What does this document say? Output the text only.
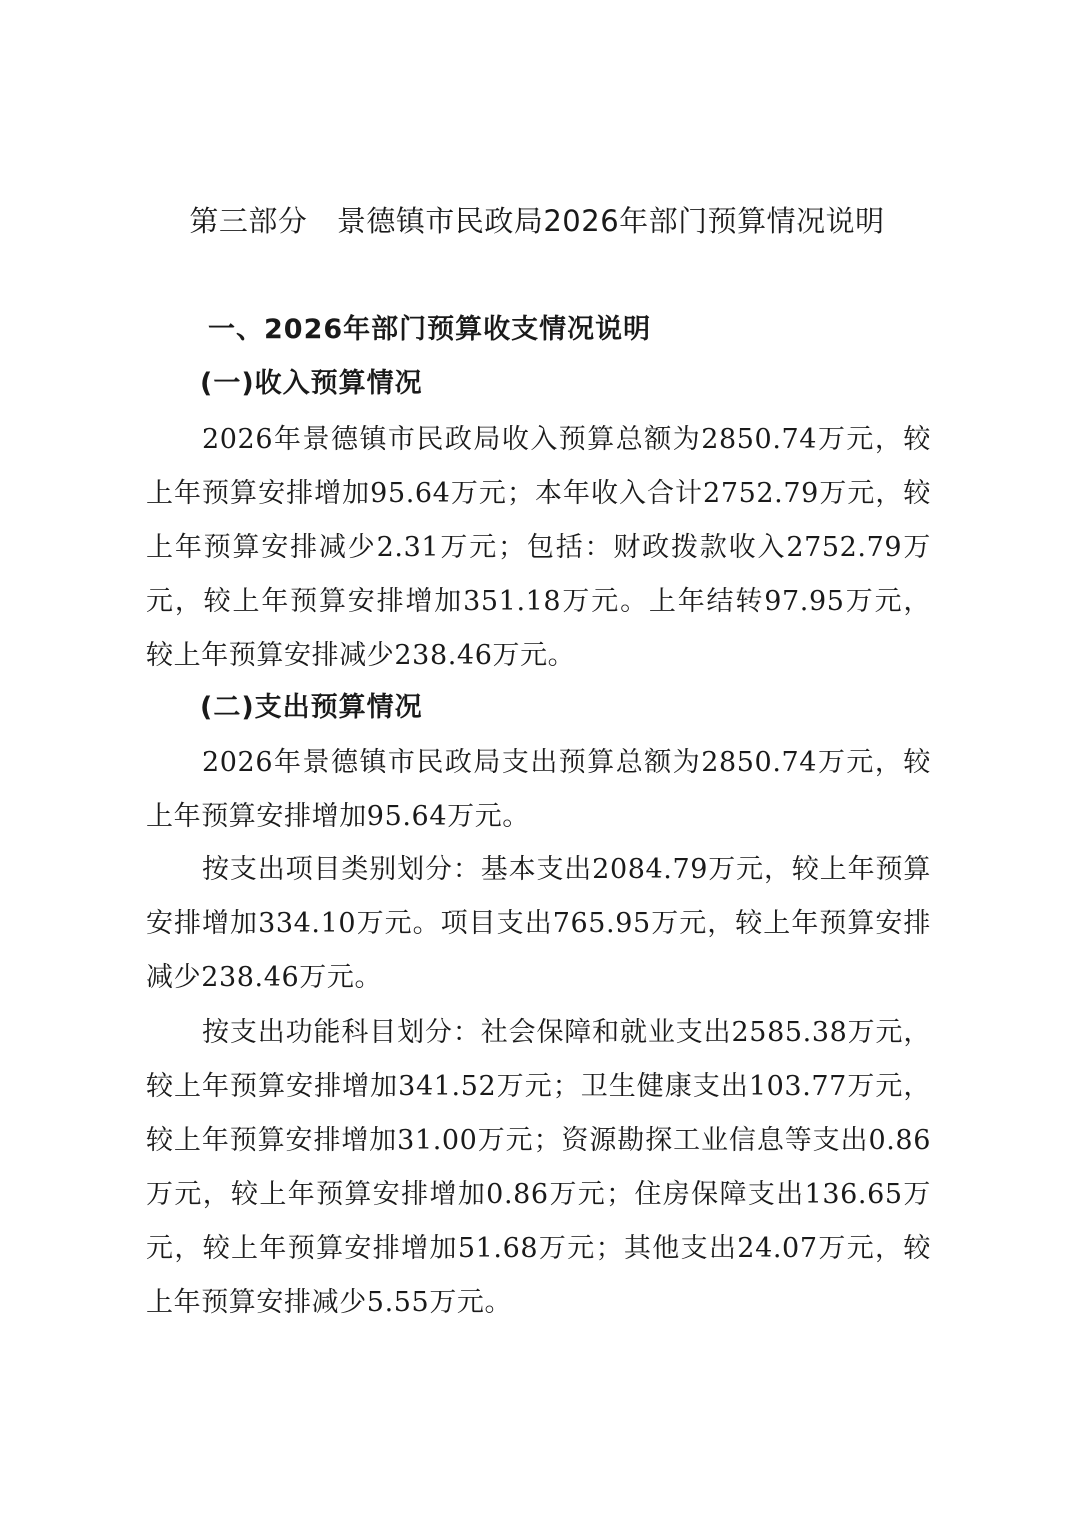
第三部分　景德镇市民政局2026年部门预算情况说明
一、2026年部门预算收支情况说明
(一)收入预算情况

2026年景德镇市民政局收入预算总额为2850.74万元，较上年预算安排增加95.64万元；本年收入合计2752.79万元，较上年预算安排减少2.31万元；包括：财政拨款收入2752.79万元，较上年预算安排增加351.18万元。上年结转97.95万元，较上年预算安排减少238.46万元。

(二)支出预算情况

2026年景德镇市民政局支出预算总额为2850.74万元，较上年预算安排增加95.64万元。

按支出项目类别划分：基本支出2084.79万元，较上年预算安排增加334.10万元。项目支出765.95万元，较上年预算安排减少238.46万元。

按支出功能科目划分：社会保障和就业支出2585.38万元，较上年预算安排增加341.52万元；卫生健康支出103.77万元，较上年预算安排增加31.00万元；资源勘探工业信息等支出0.86万元，较上年预算安排增加0.86万元；住房保障支出136.65万元，较上年预算安排增加51.68万元；其他支出24.07万元，较上年预算安排减少5.55万元。
